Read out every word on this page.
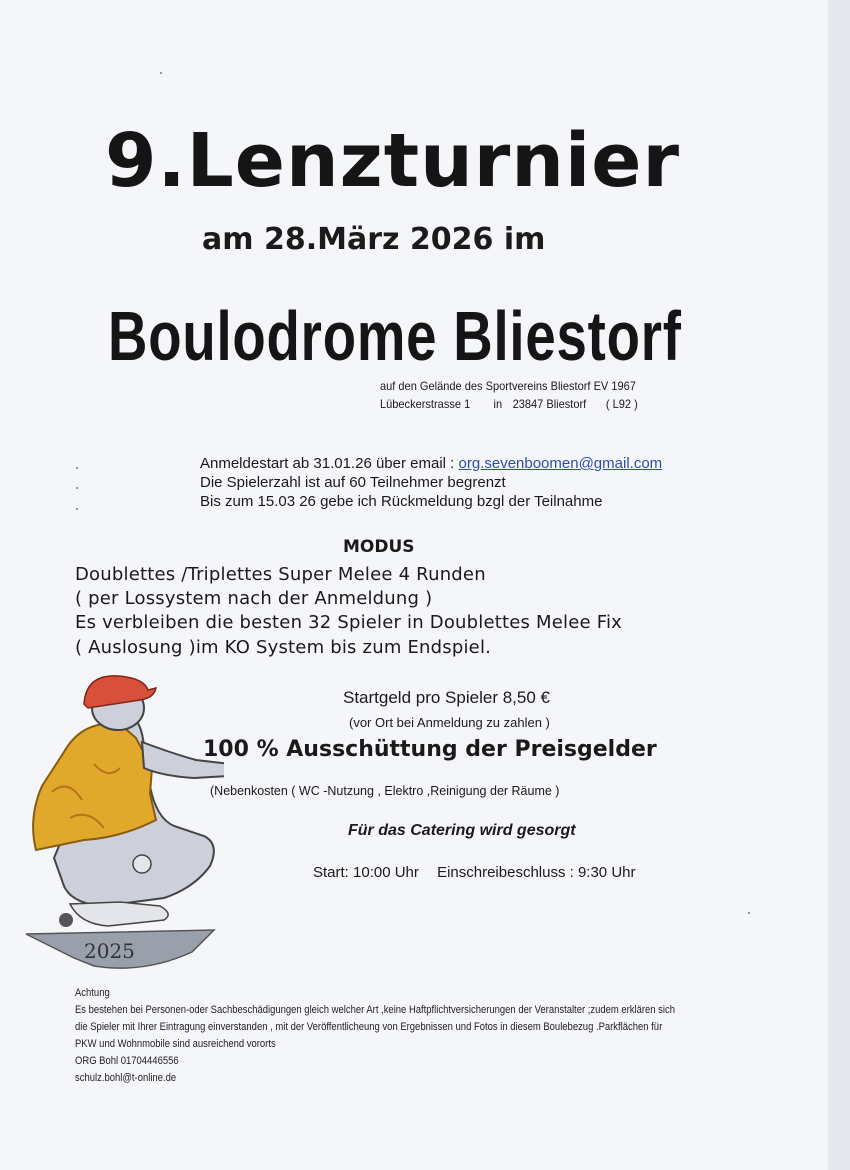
9.Lenzturnier
am 28.März 2026 im
Boulodrome Bliestorf
auf den Gelände des Sportvereins Bliestorf EV 1967
Lübeckerstrasse 1 in 23847 Bliestorf ( L92 )
Anmeldestart ab 31.01.26 über email : org.sevenboomen@gmail.com
Die Spielerzahl ist auf 60 Teilnehmer begrenzt
Bis zum 15.03 26 gebe ich Rückmeldung bzgl der Teilnahme
MODUS
Doublettes /Triplettes Super Melee 4 Runden
( per Lossystem nach der Anmeldung )
Es verbleiben die besten 32 Spieler in Doublettes Melee Fix
( Auslosung )im KO System bis zum Endspiel.
Startgeld pro Spieler 8,50 €
(vor Ort bei Anmeldung zu zahlen )
100 % Ausschüttung der Preisgelder
(Nebenkosten ( WC -Nutzung , Elektro ,Reinigung der Räume )
Für das Catering wird gesorgt
Start: 10:00 Uhr Einschreibeschluss : 9:30 Uhr
2025
Achtung
Es bestehen bei Personen-oder Sachbeschädigungen gleich welcher Art ,keine Haftpflichtversicherungen der Veranstalter ;zudem erklären sich
die Spieler mit Ihrer Eintragung einverstanden , mit der Veröffentlicheung von Ergebnissen und Fotos in diesem Boulebezug .Parkflächen für
PKW und Wohnmobile sind ausreichend vororts
ORG Bohl 01704446556
schulz.bohl@t-online.de
